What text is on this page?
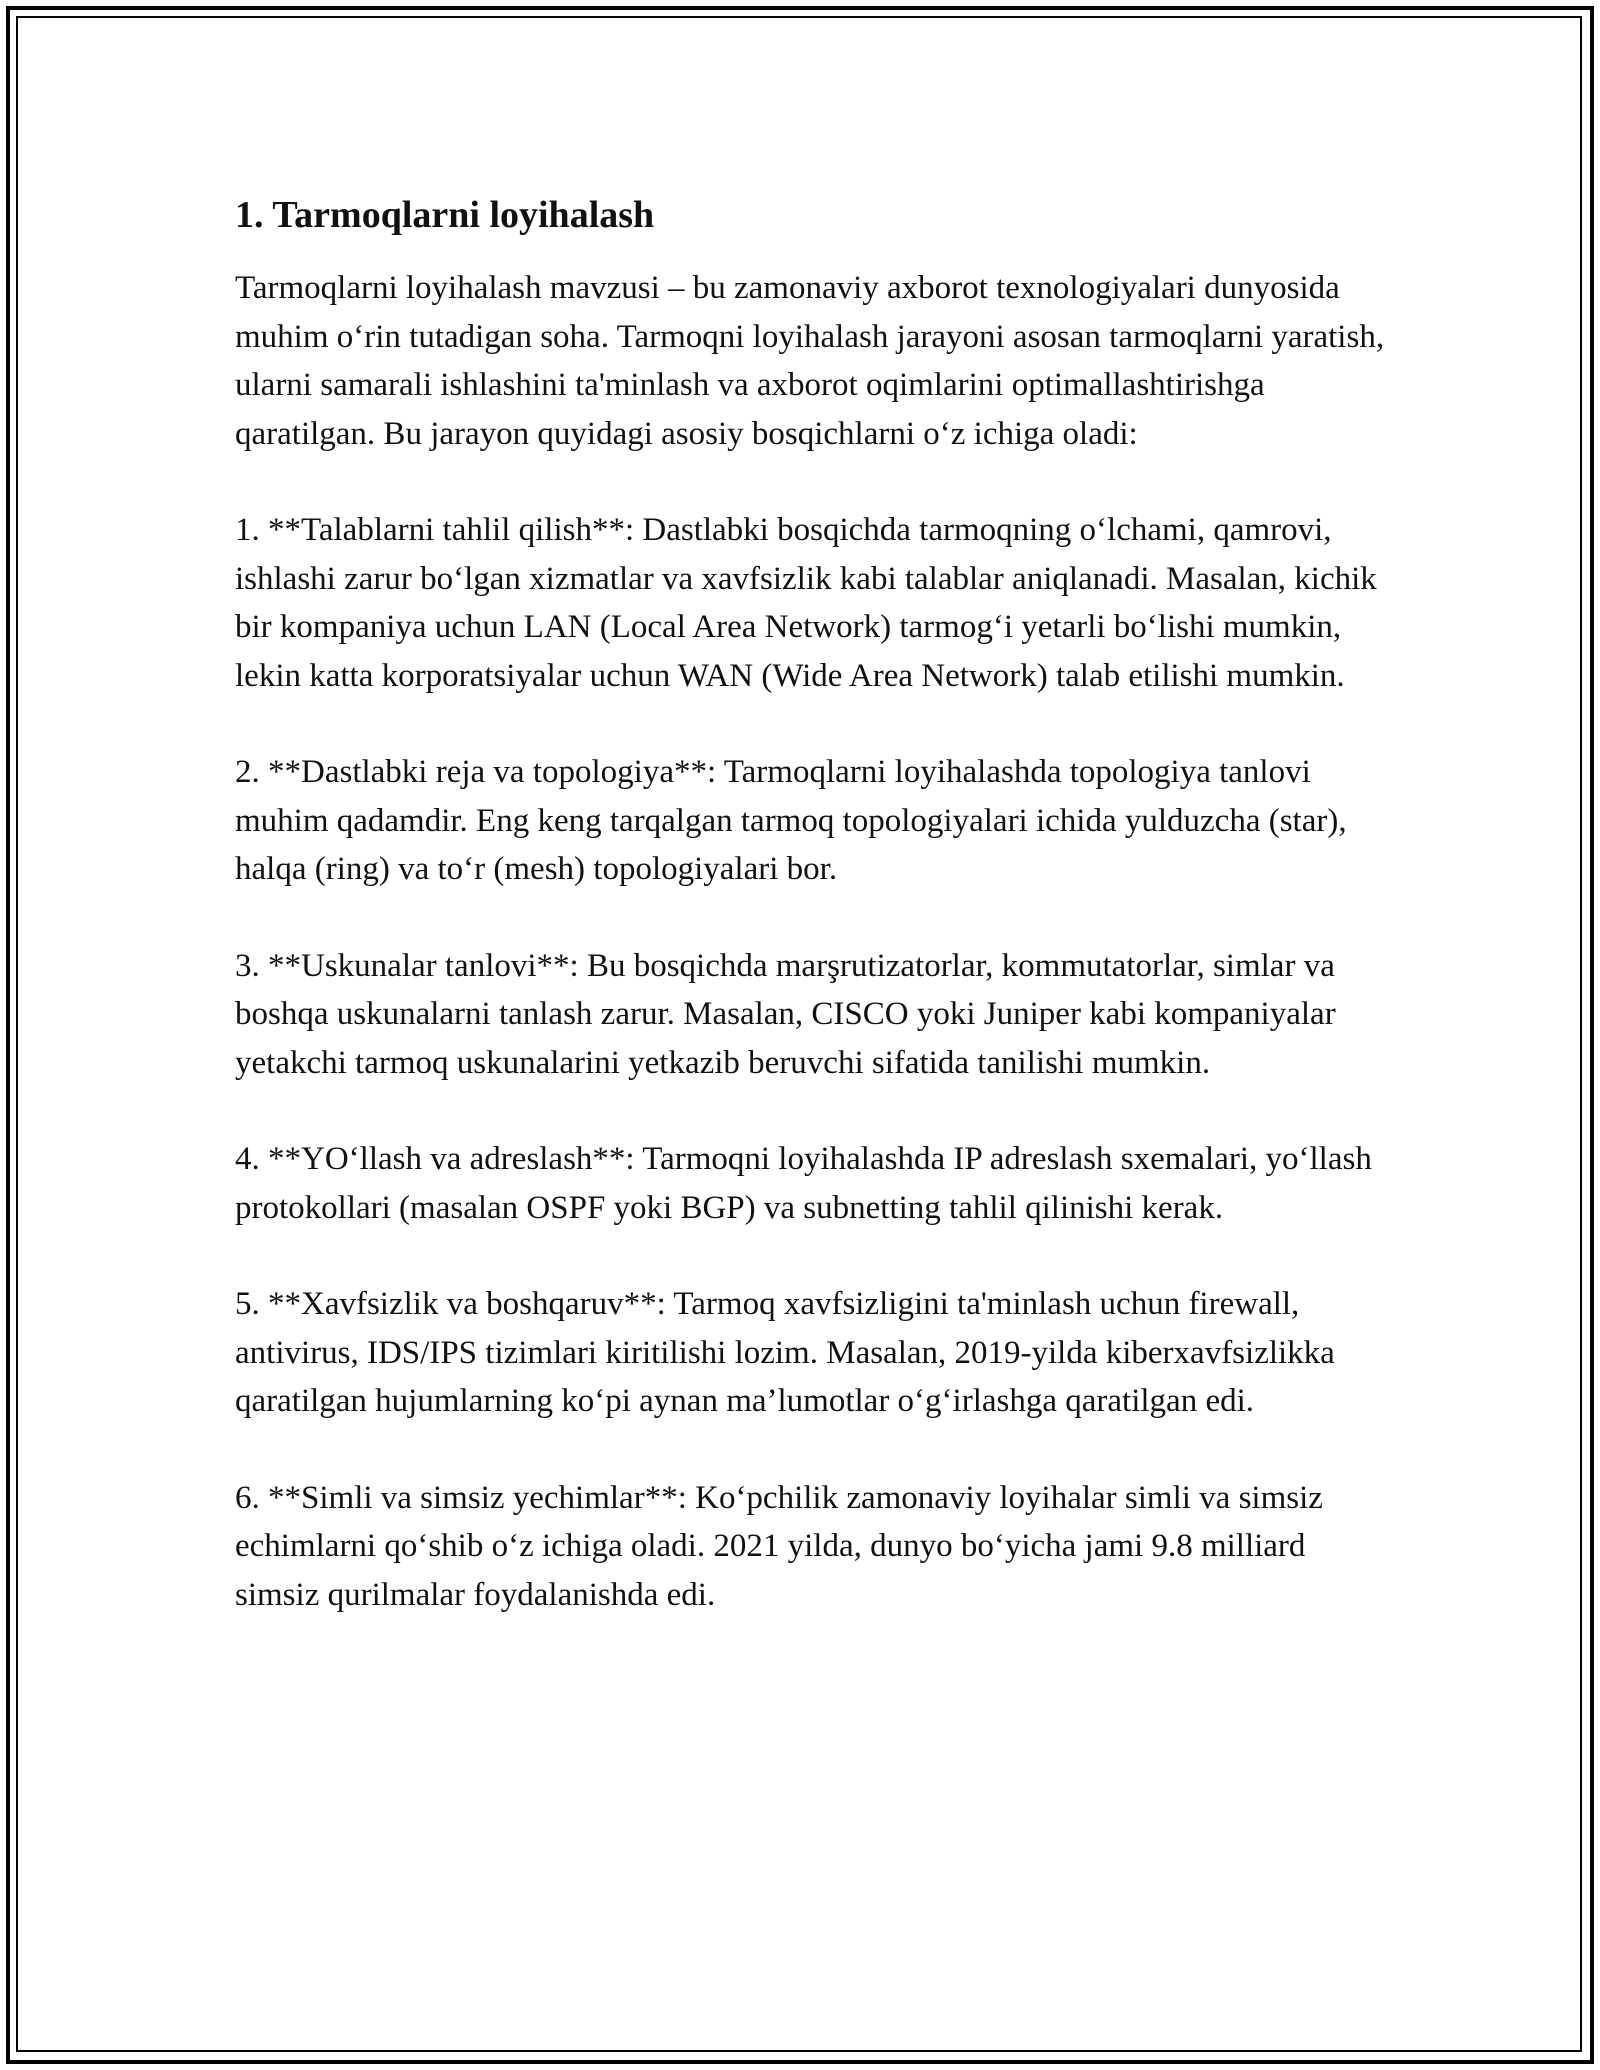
1. Tarmoqlarni loyihalash

Tarmoqlarni loyihalash mavzusi – bu zamonaviy axborot texnologiyalari dunyosida muhim o‘rin tutadigan soha. Tarmoqni loyihalash jarayoni asosan tarmoqlarni yaratish, ularni samarali ishlashini ta'minlash va axborot oqimlarini optimallashtirishga qaratilgan. Bu jarayon quyidagi asosiy bosqichlarni o‘z ichiga oladi:

1. **Talablarni tahlil qilish**: Dastlabki bosqichda tarmoqning o‘lchami, qamrovi, ishlashi zarur bo‘lgan xizmatlar va xavfsizlik kabi talablar aniqlanadi. Masalan, kichik bir kompaniya uchun LAN (Local Area Network) tarmog‘i yetarli bo‘lishi mumkin, lekin katta korporatsiyalar uchun WAN (Wide Area Network) talab etilishi mumkin.

2. **Dastlabki reja va topologiya**: Tarmoqlarni loyihalashda topologiya tanlovi muhim qadamdir. Eng keng tarqalgan tarmoq topologiyalari ichida yulduzcha (star), halqa (ring) va to‘r (mesh) topologiyalari bor.

3. **Uskunalar tanlovi**: Bu bosqichda marşrutizatorlar, kommutatorlar, simlar va boshqa uskunalarni tanlash zarur. Masalan, CISCO yoki Juniper kabi kompaniyalar yetakchi tarmoq uskunalarini yetkazib beruvchi sifatida tanilishi mumkin.

4. **YO‘llash va adreslash**: Tarmoqni loyihalashda IP adreslash sxemalari, yo‘llash protokollari (masalan OSPF yoki BGP) va subnetting tahlil qilinishi kerak.

5. **Xavfsizlik va boshqaruv**: Tarmoq xavfsizligini ta'minlash uchun firewall, antivirus, IDS/IPS tizimlari kiritilishi lozim. Masalan, 2019-yilda kiberxavfsizlikka qaratilgan hujumlarning ko‘pi aynan ma’lumotlar o‘g‘irlashga qaratilgan edi.

6. **Simli va simsiz yechimlar**: Ko‘pchilik zamonaviy loyihalar simli va simsiz echimlarni qo‘shib o‘z ichiga oladi. 2021 yilda, dunyo bo‘yicha jami 9.8 milliard simsiz qurilmalar foydalanishda edi.
